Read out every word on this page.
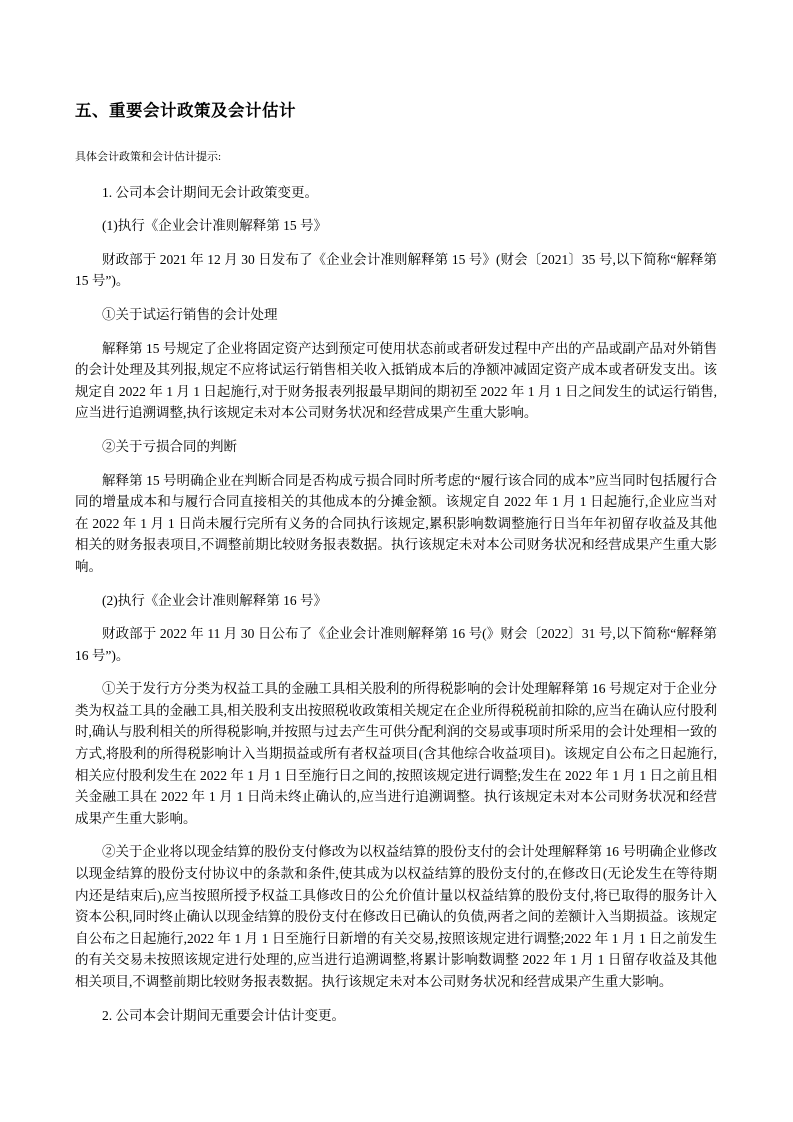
五、重要会计政策及会计估计

具体会计政策和会计估计提示:

1. 公司本会计期间无会计政策变更。

(1)执行《企业会计准则解释第 15 号》

财政部于 2021 年 12 月 30 日发布了《企业会计准则解释第 15 号》(财会〔2021〕35 号,以下简称“解释第 15 号”)。

①关于试运行销售的会计处理

解释第 15 号规定了企业将固定资产达到预定可使用状态前或者研发过程中产出的产品或副产品对外销售的会计处理及其列报,规定不应将试运行销售相关收入抵销成本后的净额冲减固定资产成本或者研发支出。该规定自 2022 年 1 月 1 日起施行,对于财务报表列报最早期间的期初至 2022 年 1 月 1 日之间发生的试运行销售,应当进行追溯调整,执行该规定未对本公司财务状况和经营成果产生重大影响。

②关于亏损合同的判断

解释第 15 号明确企业在判断合同是否构成亏损合同时所考虑的“履行该合同的成本”应当同时包括履行合同的增量成本和与履行合同直接相关的其他成本的分摊金额。该规定自 2022 年 1 月 1 日起施行,企业应当对在 2022 年 1 月 1 日尚未履行完所有义务的合同执行该规定,累积影响数调整施行日当年年初留存收益及其他相关的财务报表项目,不调整前期比较财务报表数据。执行该规定未对本公司财务状况和经营成果产生重大影响。

(2)执行《企业会计准则解释第 16 号》

财政部于 2022 年 11 月 30 日公布了《企业会计准则解释第 16 号(》财会〔2022〕31 号,以下简称“解释第 16 号”)。

①关于发行方分类为权益工具的金融工具相关股利的所得税影响的会计处理解释第 16 号规定对于企业分类为权益工具的金融工具,相关股利支出按照税收政策相关规定在企业所得税税前扣除的,应当在确认应付股利时,确认与股利相关的所得税影响,并按照与过去产生可供分配利润的交易或事项时所采用的会计处理相一致的方式,将股利的所得税影响计入当期损益或所有者权益项目(含其他综合收益项目)。该规定自公布之日起施行,相关应付股利发生在 2022 年 1 月 1 日至施行日之间的,按照该规定进行调整;发生在 2022 年 1 月 1 日之前且相关金融工具在 2022 年 1 月 1 日尚未终止确认的,应当进行追溯调整。执行该规定未对本公司财务状况和经营成果产生重大影响。

②关于企业将以现金结算的股份支付修改为以权益结算的股份支付的会计处理解释第 16 号明确企业修改以现金结算的股份支付协议中的条款和条件,使其成为以权益结算的股份支付的,在修改日(无论发生在等待期内还是结束后),应当按照所授予权益工具修改日的公允价值计量以权益结算的股份支付,将已取得的服务计入资本公积,同时终止确认以现金结算的股份支付在修改日已确认的负债,两者之间的差额计入当期损益。该规定自公布之日起施行,2022 年 1 月 1 日至施行日新增的有关交易,按照该规定进行调整;2022 年 1 月 1 日之前发生的有关交易未按照该规定进行处理的,应当进行追溯调整,将累计影响数调整 2022 年 1 月 1 日留存收益及其他相关项目,不调整前期比较财务报表数据。执行该规定未对本公司财务状况和经营成果产生重大影响。

2. 公司本会计期间无重要会计估计变更。
